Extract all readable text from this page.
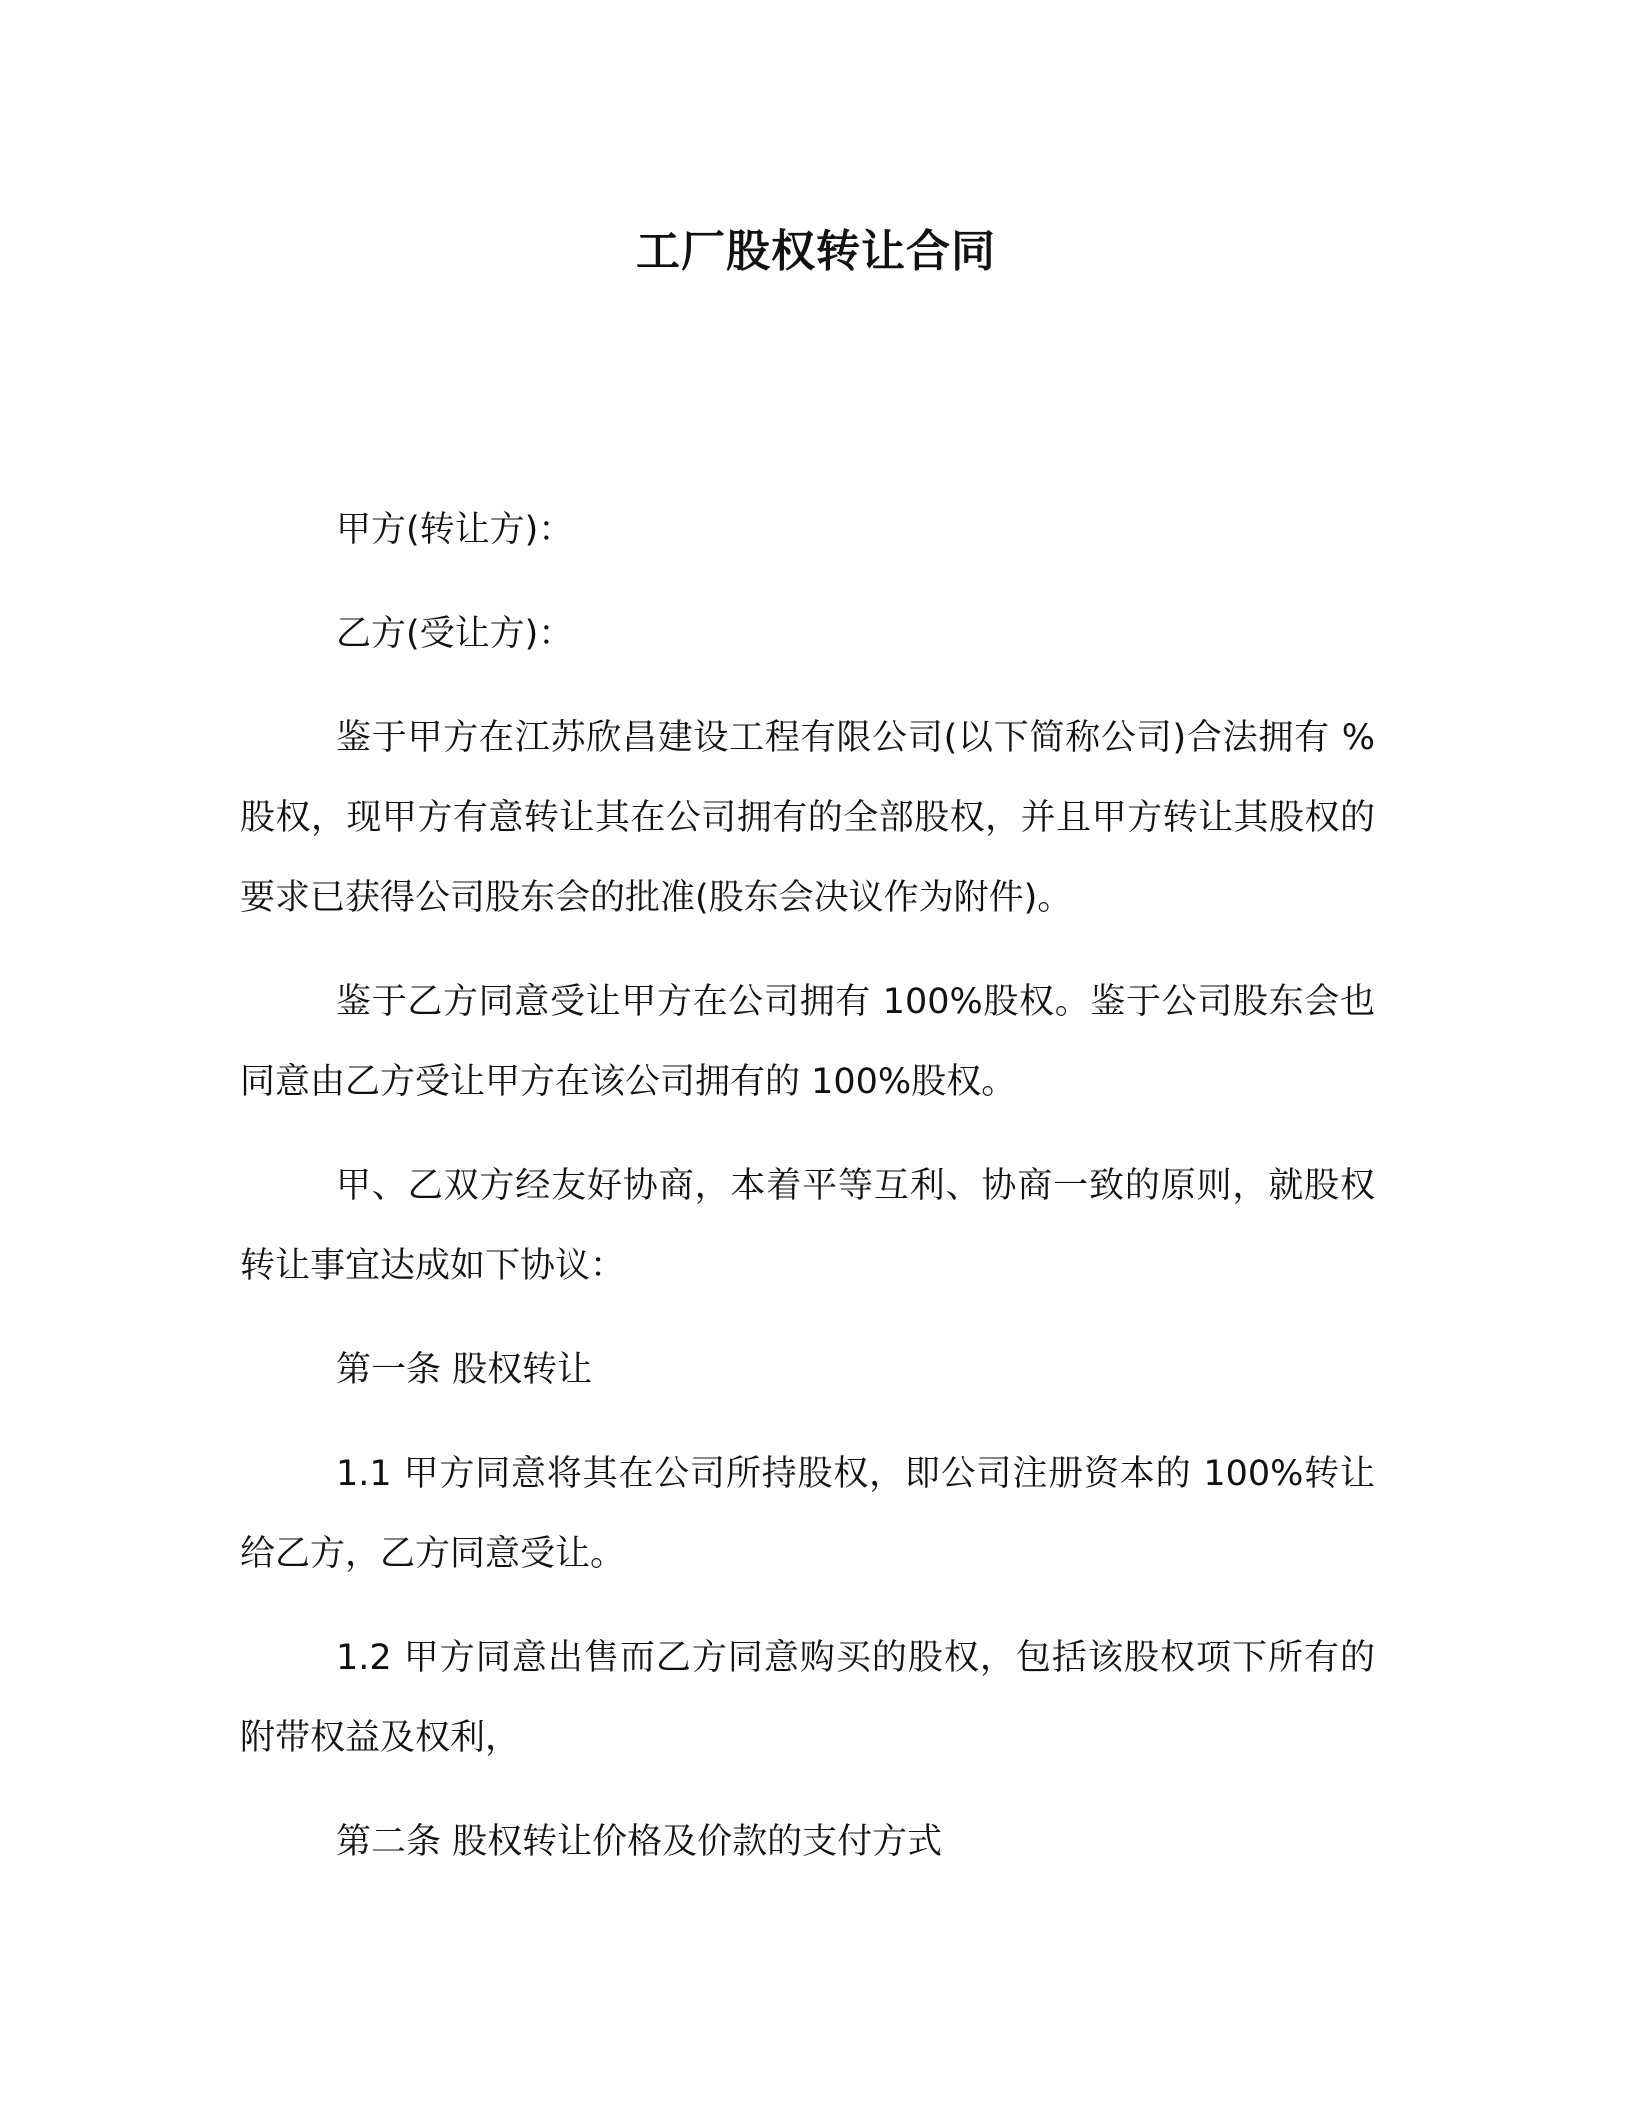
工厂股权转让合同

甲方(转让方)：

乙方(受让方)：

鉴于甲方在江苏欣昌建设工程有限公司(以下简称公司)合法拥有 %股权，现甲方有意转让其在公司拥有的全部股权，并且甲方转让其股权的要求已获得公司股东会的批准(股东会决议作为附件)。

鉴于乙方同意受让甲方在公司拥有 100%股权。鉴于公司股东会也同意由乙方受让甲方在该公司拥有的 100%股权。

甲、乙双方经友好协商，本着平等互利、协商一致的原则，就股权转让事宜达成如下协议：

第一条 股权转让

1.1 甲方同意将其在公司所持股权，即公司注册资本的 100%转让给乙方，乙方同意受让。

1.2 甲方同意出售而乙方同意购买的股权，包括该股权项下所有的附带权益及权利，

第二条 股权转让价格及价款的支付方式
